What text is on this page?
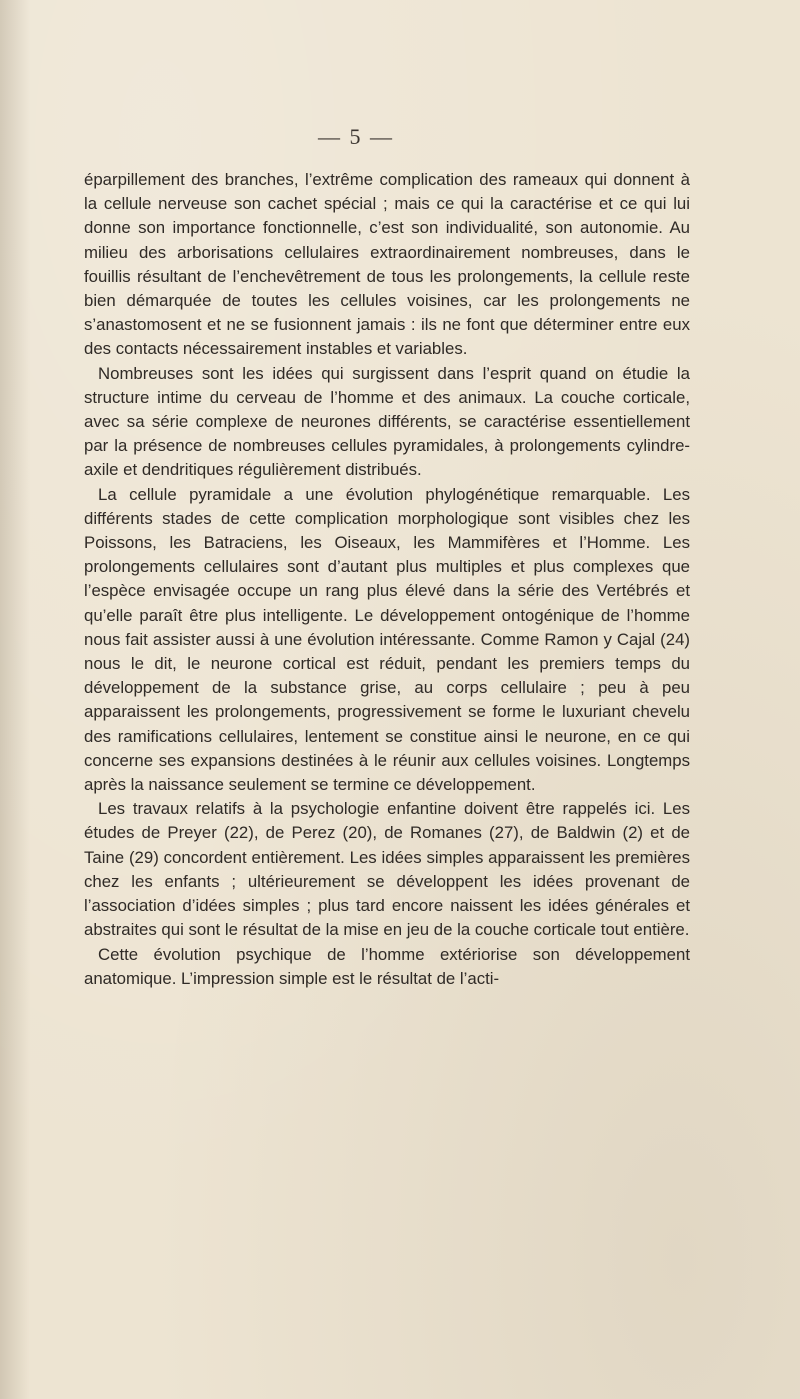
— 5 —

éparpillement des branches, l’extrême complication des rameaux qui donnent à la cellule nerveuse son cachet spécial ; mais ce qui la caractérise et ce qui lui donne son importance fonctionnelle, c’est son individualité, son autonomie. Au milieu des arborisations cellulaires extraordinairement nombreuses, dans le fouillis résultant de l’enchevêtrement de tous les prolongements, la cellule reste bien démarquée de toutes les cellules voisines, car les prolongements ne s’anastomosent et ne se fusionnent jamais : ils ne font que déterminer entre eux des contacts nécessairement instables et variables.

Nombreuses sont les idées qui surgissent dans l’esprit quand on étudie la structure intime du cerveau de l’homme et des animaux. La couche corticale, avec sa série complexe de neurones différents, se caractérise essentiellement par la présence de nombreuses cellules pyramidales, à prolongements cylindre-axile et dendritiques régulièrement distribués.

La cellule pyramidale a une évolution phylogénétique remarquable. Les différents stades de cette complication morphologique sont visibles chez les Poissons, les Batraciens, les Oiseaux, les Mammifères et l’Homme. Les prolongements cellulaires sont d’autant plus multiples et plus complexes que l’espèce envisagée occupe un rang plus élevé dans la série des Vertébrés et qu’elle paraît être plus intelligente. Le développement ontogénique de l’homme nous fait assister aussi à une évolution intéressante. Comme Ramon y Cajal (24) nous le dit, le neurone cortical est réduit, pendant les premiers temps du développement de la substance grise, au corps cellulaire ; peu à peu apparaissent les prolongements, progressivement se forme le luxuriant chevelu des ramifications cellulaires, lentement se constitue ainsi le neurone, en ce qui concerne ses expansions destinées à le réunir aux cellules voisines. Longtemps après la naissance seulement se termine ce développement.

Les travaux relatifs à la psychologie enfantine doivent être rappelés ici. Les études de Preyer (22), de Perez (20), de Romanes (27), de Baldwin (2) et de Taine (29) concordent entièrement. Les idées simples apparaissent les premières chez les enfants ; ultérieurement se développent les idées provenant de l’association d’idées simples ; plus tard encore naissent les idées générales et abstraites qui sont le résultat de la mise en jeu de la couche corticale tout entière.

Cette évolution psychique de l’homme extériorise son développement anatomique. L’impression simple est le résultat de l’acti-
